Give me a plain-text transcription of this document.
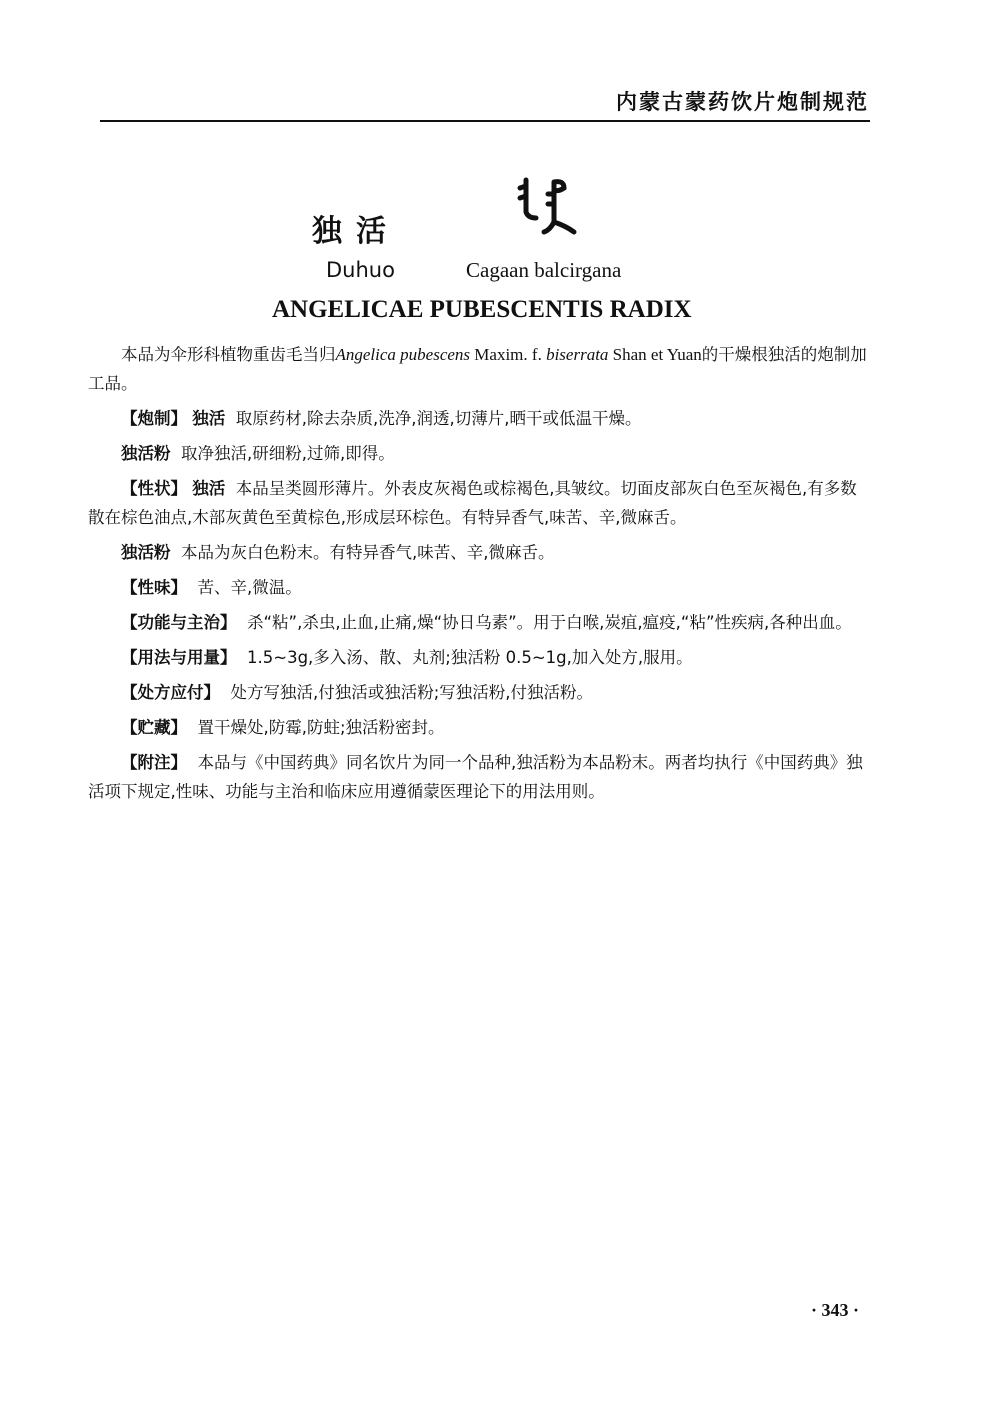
内蒙古蒙药饮片炮制规范
独活
Duhuo	Cagaan balcirgana
ANGELICAE PUBESCENTIS RADIX

本品为伞形科植物重齿毛当归Angelica pubescens Maxim. f. biserrata Shan et Yuan的干燥根独活的炮制加工品。

【炮制】 独活 取原药材,除去杂质,洗净,润透,切薄片,晒干或低温干燥。

独活粉 取净独活,研细粉,过筛,即得。

【性状】 独活 本品呈类圆形薄片。外表皮灰褐色或棕褐色,具皱纹。切面皮部灰白色至灰褐色,有多数散在棕色油点,木部灰黄色至黄棕色,形成层环棕色。有特异香气,味苦、辛,微麻舌。

独活粉 本品为灰白色粉末。有特异香气,味苦、辛,微麻舌。

【性味】 苦、辛,微温。

【功能与主治】 杀“粘”,杀虫,止血,止痛,燥“协日乌素”。用于白喉,炭疽,瘟疫,“粘”性疾病,各种出血。

【用法与用量】 1.5~3g,多入汤、散、丸剂;独活粉 0.5~1g,加入处方,服用。

【处方应付】 处方写独活,付独活或独活粉;写独活粉,付独活粉。

【贮藏】 置干燥处,防霉,防蛀;独活粉密封。

【附注】 本品与《中国药典》同名饮片为同一个品种,独活粉为本品粉末。两者均执行《中国药典》独活项下规定,性味、功能与主治和临床应用遵循蒙医理论下的用法用则。

· 343 ·
